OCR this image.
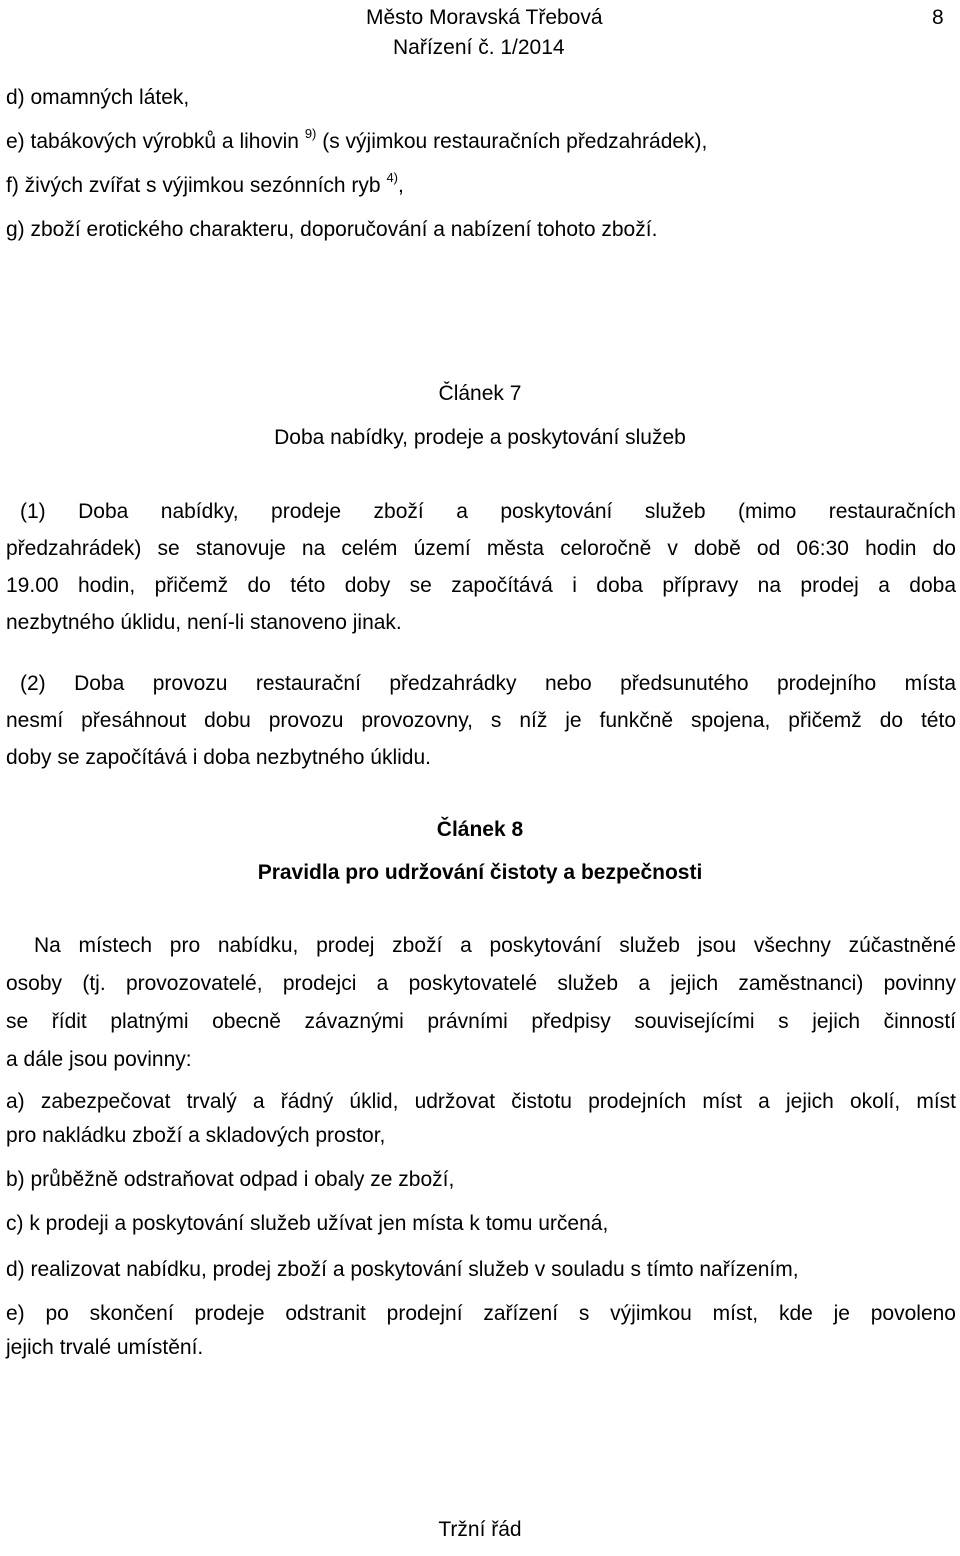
Město Moravská Třebová	8
Nařízení č. 1/2014
d) omamných látek,
e) tabákových výrobků a lihovin $^{9)}$ (s výjimkou restauračních předzahrádek),
f) živých zvířat s výjimkou sezónních ryb $^{4)}$,
g) zboží erotického charakteru, doporučování a nabízení tohoto zboží.
Článek 7
Doba nabídky, prodeje a poskytování služeb
(1) Doba nabídky, prodeje zboží a poskytování služeb (mimo restauračních
předzahrádek) se stanovuje na celém území města celoročně v době od 06:30 hodin do
19.00 hodin, přičemž do této doby se započítává i doba přípravy na prodej a doba
nezbytného úklidu, není-li stanoveno jinak.
(2) Doba provozu restaurační předzahrádky nebo předsunutého prodejního místa
nesmí přesáhnout dobu provozu provozovny, s níž je funkčně spojena, přičemž do této
doby se započítává i doba nezbytného úklidu.
Článek 8
Pravidla pro udržování čistoty a bezpečnosti
Na místech pro nabídku, prodej zboží a poskytování služeb jsou všechny zúčastněné
osoby (tj. provozovatelé, prodejci a poskytovatelé služeb a jejich zaměstnanci) povinny
se řídit platnými obecně závaznými právními předpisy souvisejícími s jejich činností
a dále jsou povinny:
a) zabezpečovat trvalý a řádný úklid, udržovat čistotu prodejních míst a jejich okolí, míst
pro nakládku zboží a skladových prostor,
b) průběžně odstraňovat odpad i obaly ze zboží,
c) k prodeji a poskytování služeb užívat jen místa k tomu určená,
d) realizovat nabídku, prodej zboží a poskytování služeb v souladu s tímto nařízením,
e) po skončení prodeje odstranit prodejní zařízení s výjimkou míst, kde je povoleno
jejich trvalé umístění.
Tržní řád
